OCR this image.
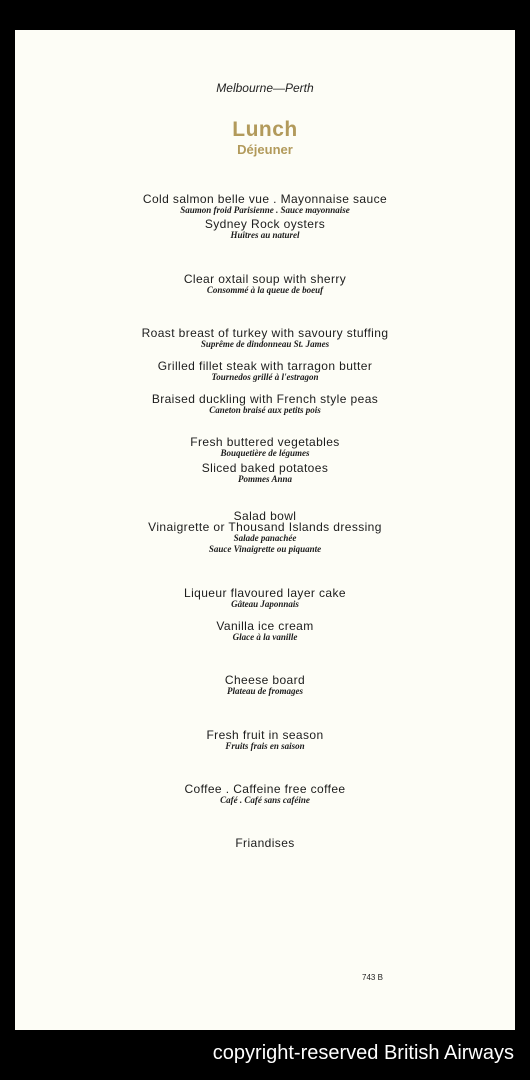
Melbourne—Perth
Lunch
Déjeuner
Cold salmon belle vue . Mayonnaise sauce
Saumon froid Parisienne . Sauce mayonnaise
Sydney Rock oysters
Huîtres au naturel
Clear oxtail soup with sherry
Consommé à la queue de boeuf
Roast breast of turkey with savoury stuffing
Suprême de dindonneau St. James
Grilled fillet steak with tarragon butter
Tournedos grillé à l'estragon
Braised duckling with French style peas
Caneton braisé aux petits pois
Fresh buttered vegetables
Bouquetière de légumes
Sliced baked potatoes
Pommes Anna
Salad bowl
Vinaigrette or Thousand Islands dressing
Salade panachée
Sauce Vinaigrette ou piquante
Liqueur flavoured layer cake
Gâteau Japonnais
Vanilla ice cream
Glace à la vanille
Cheese board
Plateau de fromages
Fresh fruit in season
Fruits frais en saison
Coffee . Caffeine free coffee
Café . Café sans caféine
Friandises
743 B
copyright-reserved British Airways
